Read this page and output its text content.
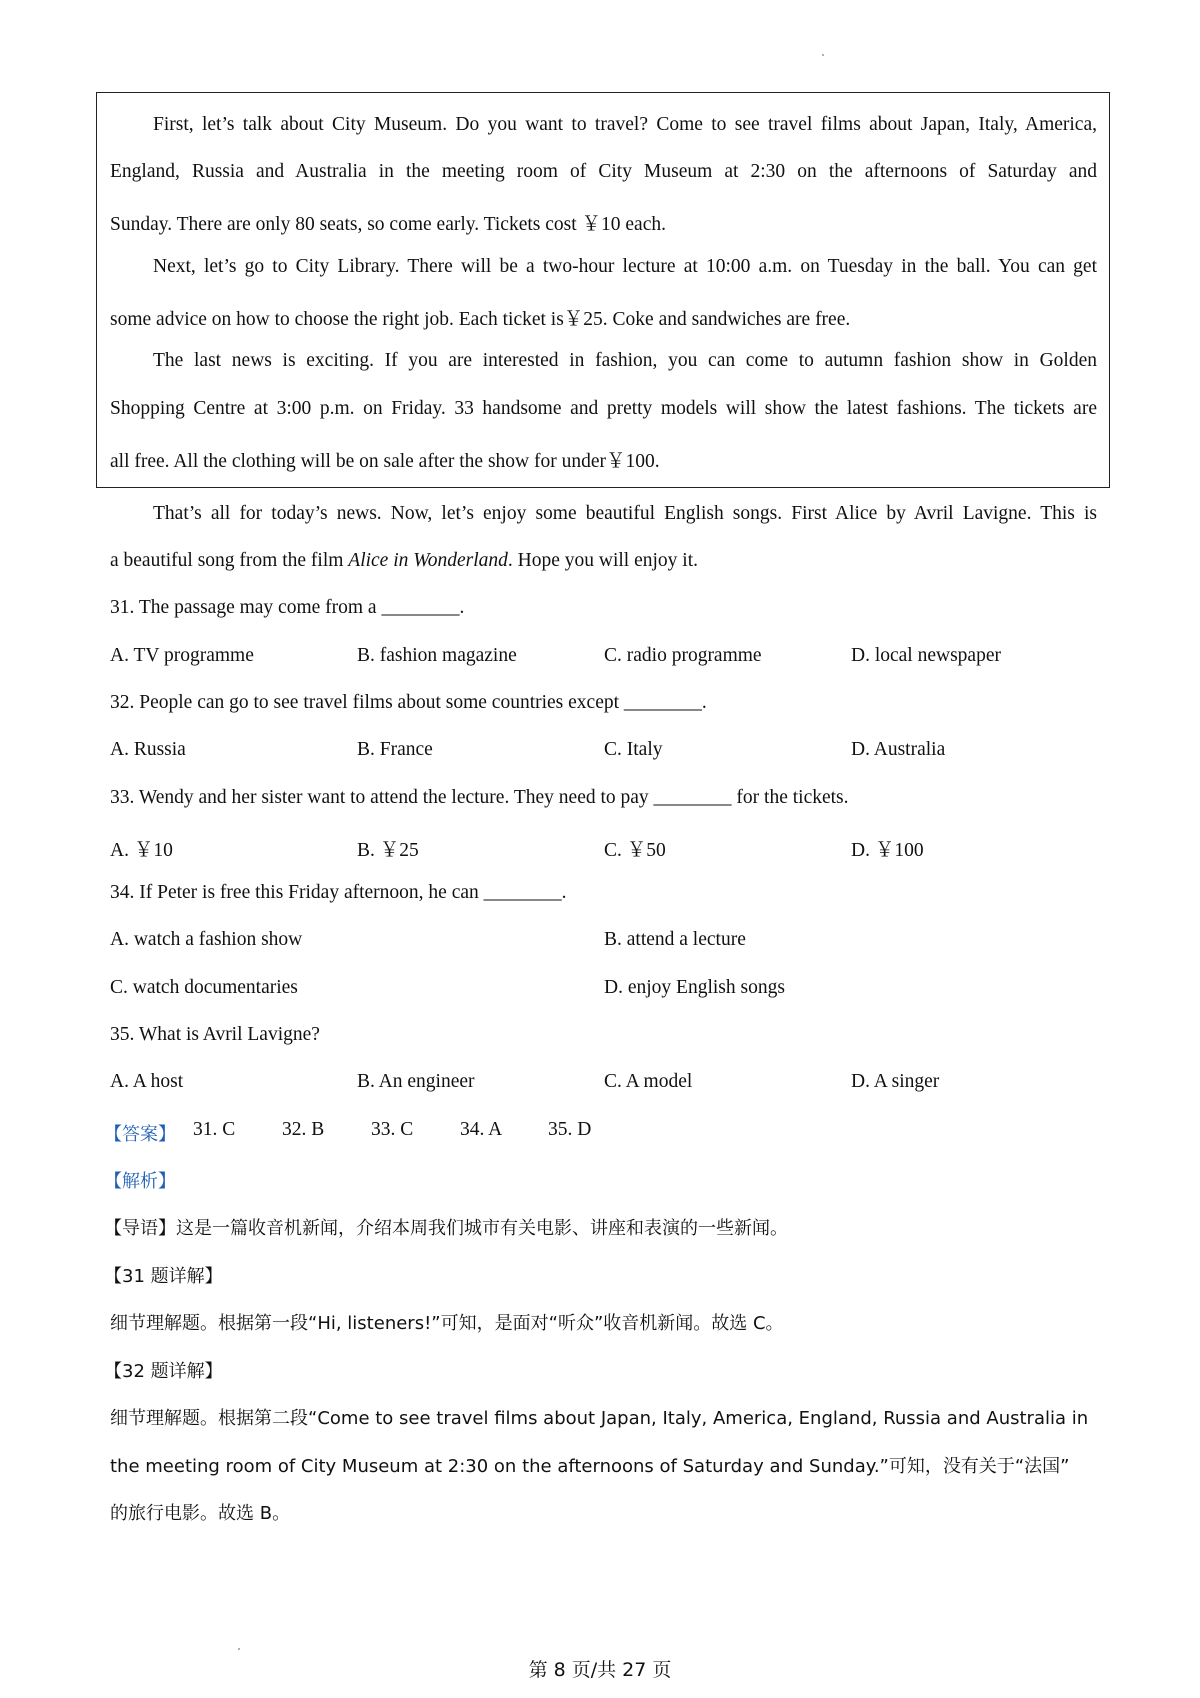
First, let’s talk about City Museum. Do you want to travel? Come to see travel films about Japan, Italy, America,
England, Russia and Australia in the meeting room of City Museum at 2:30 on the afternoons of Saturday and
Sunday. There are only 80 seats, so come early. Tickets cost ￥10 each.
Next, let’s go to City Library. There will be a two-hour lecture at 10:00 a.m. on Tuesday in the ball. You can get
some advice on how to choose the right job. Each ticket is￥25. Coke and sandwiches are free.
The last news is exciting. If you are interested in fashion, you can come to autumn fashion show in Golden
Shopping Centre at 3:00 p.m. on Friday. 33 handsome and pretty models will show the latest fashions. The tickets are
all free. All the clothing will be on sale after the show for under￥100.
That’s all for today’s news. Now, let’s enjoy some beautiful English songs. First Alice by Avril Lavigne. This is
a beautiful song from the film Alice in Wonderland. Hope you will enjoy it.
31. The passage may come from a ________.
A. TV programme	B. fashion magazine	C. radio programme	D. local newspaper
32. People can go to see travel films about some countries except ________.
A. Russia	B. France	C. Italy	D. Australia
33. Wendy and her sister want to attend the lecture. They need to pay ________ for the tickets.
A. ￥10	B. ￥25	C. ￥50	D. ￥100
34. If Peter is free this Friday afternoon, he can ________.
A. watch a fashion show	B. attend a lecture
C. watch documentaries	D. enjoy English songs
35. What is Avril Lavigne?
A. A host	B. An engineer	C. A model	D. A singer
【答案】 31. C 32. B 33. C 34. A 35. D
【解析】
【导语】这是一篇收音机新闻，介绍本周我们城市有关电影、讲座和表演的一些新闻。
【31 题详解】
细节理解题。根据第一段“Hi, listeners!”可知，是面对“听众”收音机新闻。故选 C。
【32 题详解】
细节理解题。根据第二段“Come to see travel films about Japan, Italy, America, England, Russia and Australia in
the meeting room of City Museum at 2:30 on the afternoons of Saturday and Sunday.”可知，没有关于“法国”
的旅行电影。故选 B。
第 8 页/共 27 页
